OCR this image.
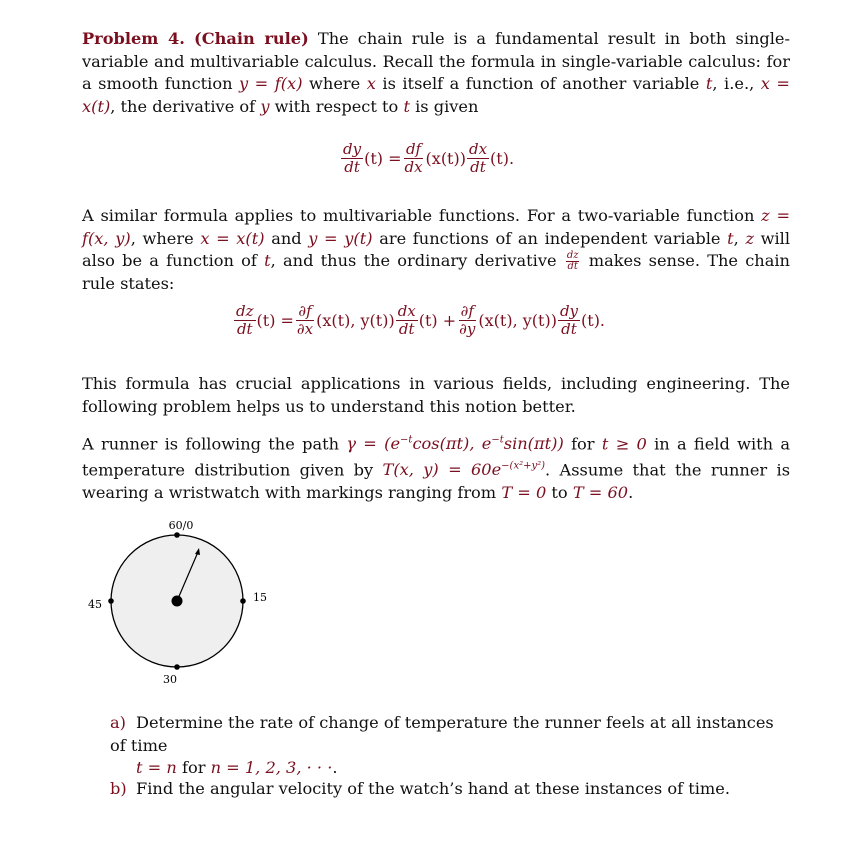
Problem 4. (Chain rule) The chain rule is a fundamental result in both single-variable and multivariable calculus. Recall the formula in single-variable calculus: for a smooth function y = f(x) where x is itself a function of another variable t, i.e., x = x(t), the derivative of y with respect to t is given

$\frac{dy}{dt} (t) = \frac{df}{dx} (x(t)) \frac{dx}{dt} (t)$.

A similar formula applies to multivariable functions. For a two-variable function z = f(x, y), where x = x(t) and y = y(t) are functions of an independent variable t, z will also be a function of t, and thus the ordinary derivative $\frac{dz}{dt}$ makes sense. The chain rule states:

$\frac{dz}{dt} (t) = \frac{\partial f}{\partial x} (x(t)$, $y(t)) \frac{dx}{dt} (t) + \frac{\partial f}{\partial y} (x(t)$, $y(t)) \frac{dy}{dt} (t)$.

This formula has crucial applications in various fields, including engineering. The following problem helps us to understand this notion better.

A runner is following the path $\gamma = (e^{-t}\cos(\pi t)$, $e^{-t}\sin(\pi t)$) for t ≥ 0 in a field with a temperature distribution given by T(x, $y) = 60e^{-(x^2+y^2)}$. Assume that the runner is wearing a wristwatch with markings ranging from T = 0 to T = 60.

60/0
15
30
45
a) Determine the rate of change of temperature the runner feels at all instances of time
t = n for n = 1, 2, 3, · · ·.
b) Find the angular velocity of the watch’s hand at these instances of time.
